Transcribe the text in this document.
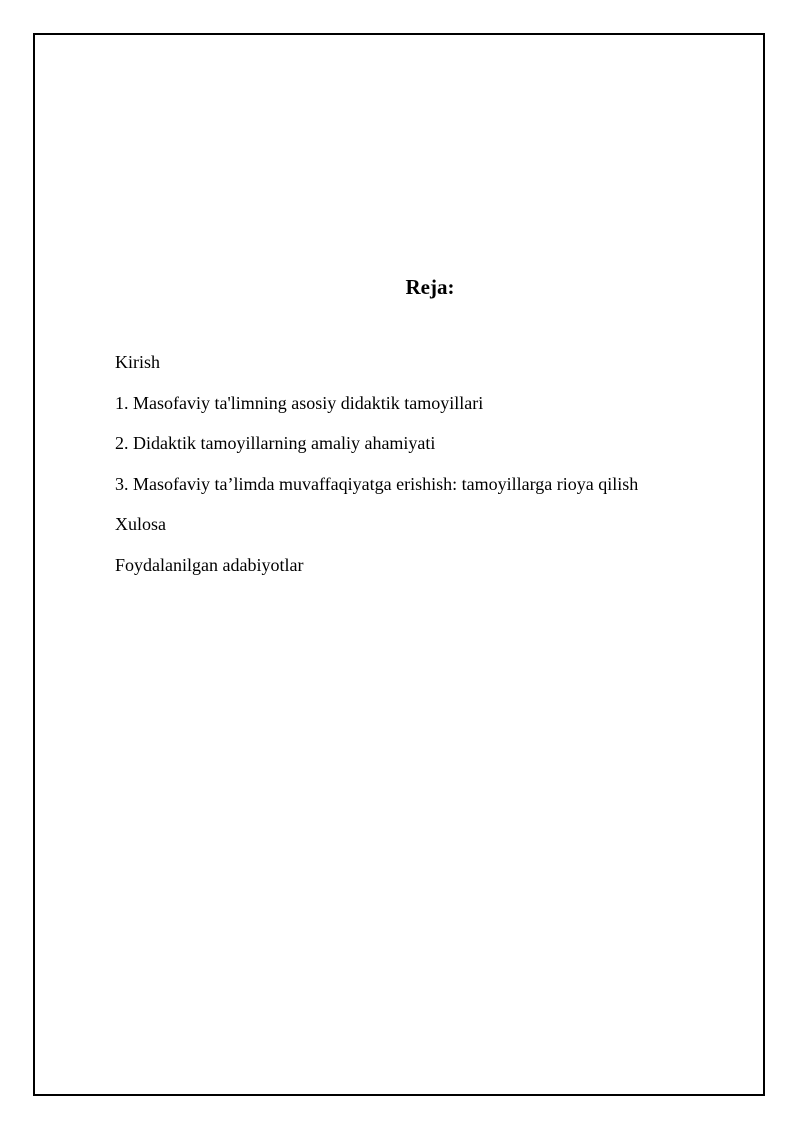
Reja:
Kirish
1. Masofaviy ta'limning asosiy didaktik tamoyillari
2. Didaktik tamoyillarning amaliy ahamiyati
3. Masofaviy ta’limda muvaffaqiyatga erishish: tamoyillarga rioya qilish
Xulosa
Foydalanilgan adabiyotlar
